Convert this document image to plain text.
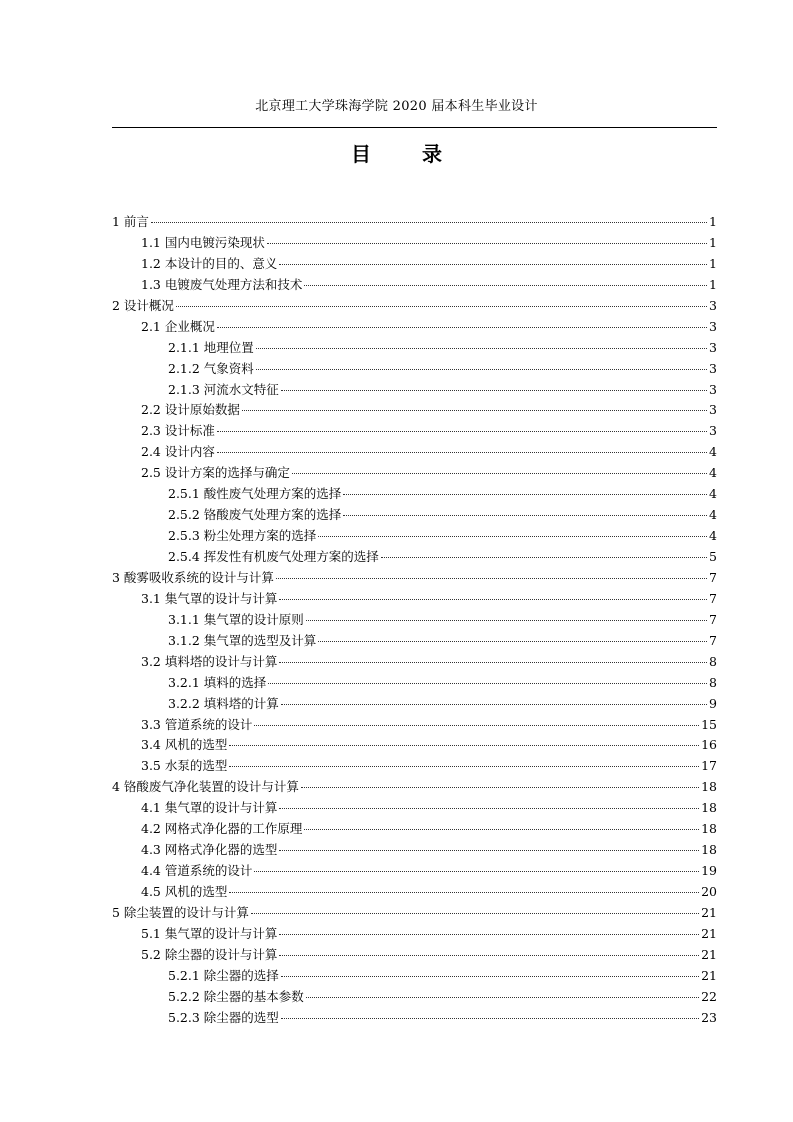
北京理工大学珠海学院 2020 届本科生毕业设计
目 录
1 前言	1
1.1 国内电镀污染现状	1
1.2 本设计的目的、意义	1
1.3 电镀废气处理方法和技术	1
2 设计概况	3
2.1 企业概况	3
2.1.1 地理位置	3
2.1.2 气象资料	3
2.1.3 河流水文特征	3
2.2 设计原始数据	3
2.3 设计标准	3
2.4 设计内容	4
2.5 设计方案的选择与确定	4
2.5.1 酸性废气处理方案的选择	4
2.5.2 铬酸废气处理方案的选择	4
2.5.3 粉尘处理方案的选择	4
2.5.4 挥发性有机废气处理方案的选择	5
3 酸雾吸收系统的设计与计算	7
3.1 集气罩的设计与计算	7
3.1.1 集气罩的设计原则	7
3.1.2 集气罩的选型及计算	7
3.2 填料塔的设计与计算	8
3.2.1 填料的选择	8
3.2.2 填料塔的计算	9
3.3 管道系统的设计	15
3.4 风机的选型	16
3.5 水泵的选型	17
4 铬酸废气净化装置的设计与计算	18
4.1 集气罩的设计与计算	18
4.2 网格式净化器的工作原理	18
4.3 网格式净化器的选型	18
4.4 管道系统的设计	19
4.5 风机的选型	20
5 除尘装置的设计与计算	21
5.1 集气罩的设计与计算	21
5.2 除尘器的设计与计算	21
5.2.1 除尘器的选择	21
5.2.2 除尘器的基本参数	22
5.2.3 除尘器的选型	23
